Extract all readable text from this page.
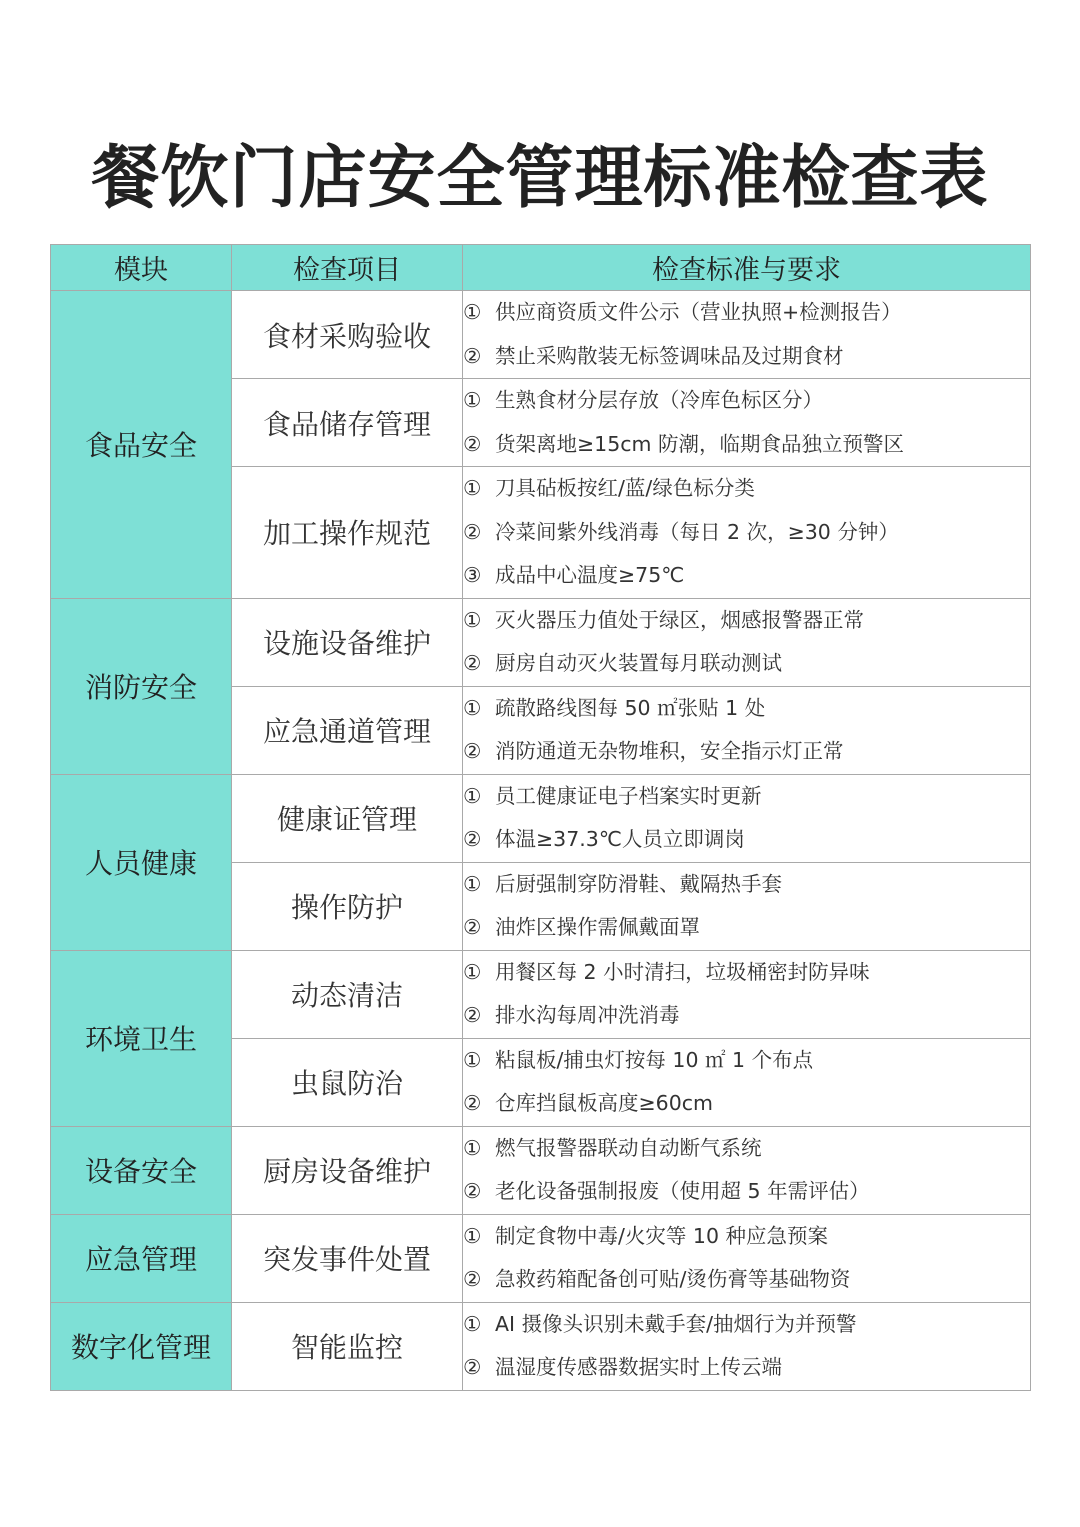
餐饮门店安全管理标准检查表
模块	检查项目	检查标准与要求
食品安全	食材采购验收	① 供应商资质文件公示（营业执照+检测报告）
② 禁止采购散装无标签调味品及过期食材

	食品储存管理	① 生熟食材分层存放（冷库色标区分）
② 货架离地≥15cm 防潮，临期食品独立预警区

	加工操作规范	① 刀具砧板按红/蓝/绿色标分类
② 冷菜间紫外线消毒（每日 2 次，≥30 分钟）
③ 成品中心温度≥75℃

消防安全	设施设备维护	① 灭火器压力值处于绿区，烟感报警器正常
② 厨房自动灭火装置每月联动测试

	应急通道管理	① 疏散路线图每 50 ㎡张贴 1 处
② 消防通道无杂物堆积，安全指示灯正常

人员健康	健康证管理	① 员工健康证电子档案实时更新
② 体温≥37.3℃人员立即调岗

	操作防护	① 后厨强制穿防滑鞋、戴隔热手套
② 油炸区操作需佩戴面罩

环境卫生	动态清洁	① 用餐区每 2 小时清扫，垃圾桶密封防异味
② 排水沟每周冲洗消毒

	虫鼠防治	① 粘鼠板/捕虫灯按每 10 ㎡ 1 个布点
② 仓库挡鼠板高度≥60cm

设备安全	厨房设备维护	① 燃气报警器联动自动断气系统
② 老化设备强制报废（使用超 5 年需评估）

应急管理	突发事件处置	① 制定食物中毒/火灾等 10 种应急预案
② 急救药箱配备创可贴/烫伤膏等基础物资

数字化管理	智能监控	① AI 摄像头识别未戴手套/抽烟行为并预警
② 温湿度传感器数据实时上传云端
